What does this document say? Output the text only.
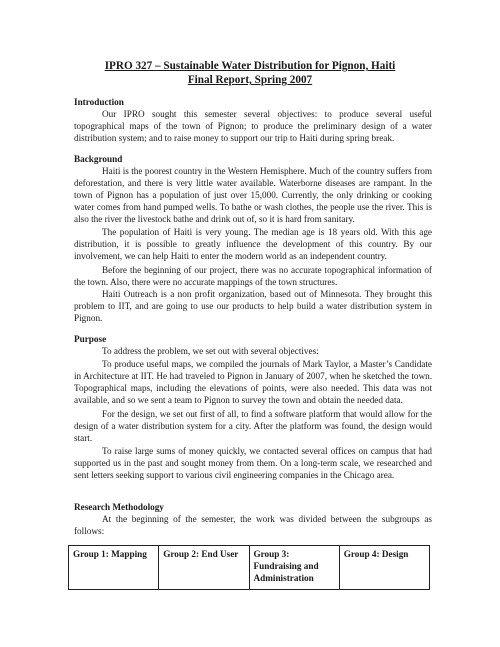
IPRO 327 – Sustainable Water Distribution for Pignon, Haiti
Final Report, Spring 2007
Introduction
Our IPRO sought this semester several objectives: to produce several useful topographical maps of the town of Pignon; to produce the preliminary design of a water distribution system; and to raise money to support our trip to Haiti during spring break.
Background
Haiti is the poorest country in the Western Hemisphere. Much of the country suffers from deforestation, and there is very little water available. Waterborne diseases are rampant. In the town of Pignon has a population of just over 15,000. Currently, the only drinking or cooking water comes from hand pumped wells. To bathe or wash clothes, the people use the river. This is also the river the livestock bathe and drink out of, so it is hard from sanitary.
The population of Haiti is very young. The median age is 18 years old. With this age distribution, it is possible to greatly influence the development of this country. By our involvement, we can help Haiti to enter the modern world as an independent country.
Before the beginning of our project, there was no accurate topographical information of the town. Also, there were no accurate mappings of the town structures.
Haiti Outreach is a non profit organization, based out of Minnesota. They brought this problem to IIT, and are going to use our products to help build a water distribution system in Pignon.
Purpose
To address the problem, we set out with several objectives:
To produce useful maps, we compiled the journals of Mark Taylor, a Master’s Candidate in Architecture at IIT. He had traveled to Pignon in January of 2007, when he sketched the town. Topographical maps, including the elevations of points, were also needed. This data was not available, and so we sent a team to Pignon to survey the town and obtain the needed data.
For the design, we set out first of all, to find a software platform that would allow for the design of a water distribution system for a city. After the platform was found, the design would start.
To raise large sums of money quickly, we contacted several offices on campus that had supported us in the past and sought money from them. On a long-term scale, we researched and sent letters seeking support to various civil engineering companies in the Chicago area.
Research Methodology
At the beginning of the semester, the work was divided between the subgroups as follows:
Group 1: Mapping	Group 2: End User	Group 3: Fundraising and Administration	Group 4: Design
